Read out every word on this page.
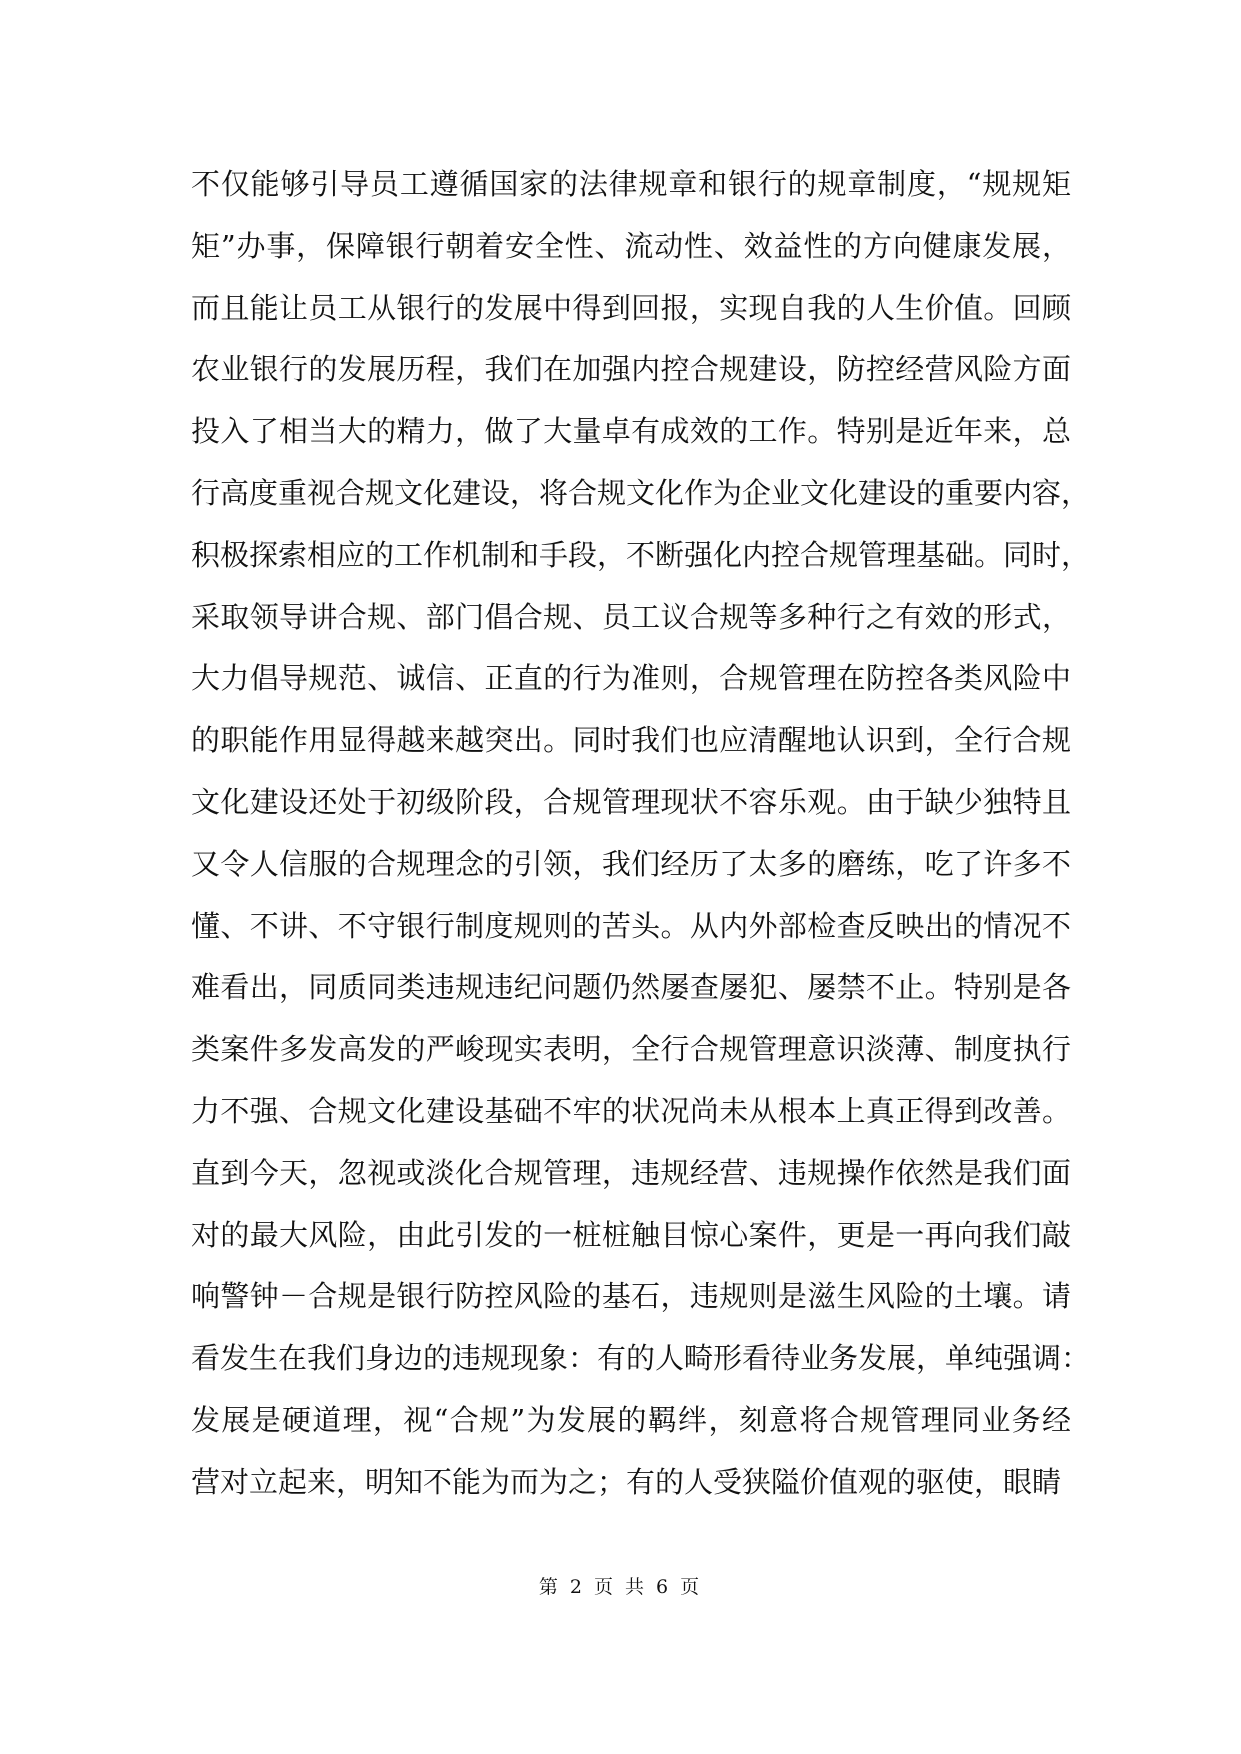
不仅能够引导员工遵循国家的法律规章和银行的规章制度，“规规矩
矩”办事，保障银行朝着安全性、流动性、效益性的方向健康发展，
而且能让员工从银行的发展中得到回报，实现自我的人生价值。回顾
农业银行的发展历程，我们在加强内控合规建设，防控经营风险方面
投入了相当大的精力，做了大量卓有成效的工作。特别是近年来，总
行高度重视合规文化建设，将合规文化作为企业文化建设的重要内容，
积极探索相应的工作机制和手段，不断强化内控合规管理基础。同时，
采取领导讲合规、部门倡合规、员工议合规等多种行之有效的形式，
大力倡导规范、诚信、正直的行为准则，合规管理在防控各类风险中
的职能作用显得越来越突出。同时我们也应清醒地认识到，全行合规
文化建设还处于初级阶段，合规管理现状不容乐观。由于缺少独特且
又令人信服的合规理念的引领，我们经历了太多的磨练，吃了许多不
懂、不讲、不守银行制度规则的苦头。从内外部检查反映出的情况不
难看出，同质同类违规违纪问题仍然屡查屡犯、屡禁不止。特别是各
类案件多发高发的严峻现实表明，全行合规管理意识淡薄、制度执行
力不强、合规文化建设基础不牢的状况尚未从根本上真正得到改善。
直到今天，忽视或淡化合规管理，违规经营、违规操作依然是我们面
对的最大风险，由此引发的一桩桩触目惊心案件，更是一再向我们敲
响警钟－合规是银行防控风险的基石，违规则是滋生风险的土壤。请
看发生在我们身边的违规现象：有的人畸形看待业务发展，单纯强调：
发展是硬道理，视“合规”为发展的羁绊，刻意将合规管理同业务经
营对立起来，明知不能为而为之；有的人受狭隘价值观的驱使，眼睛
第 2 页 共 6 页
